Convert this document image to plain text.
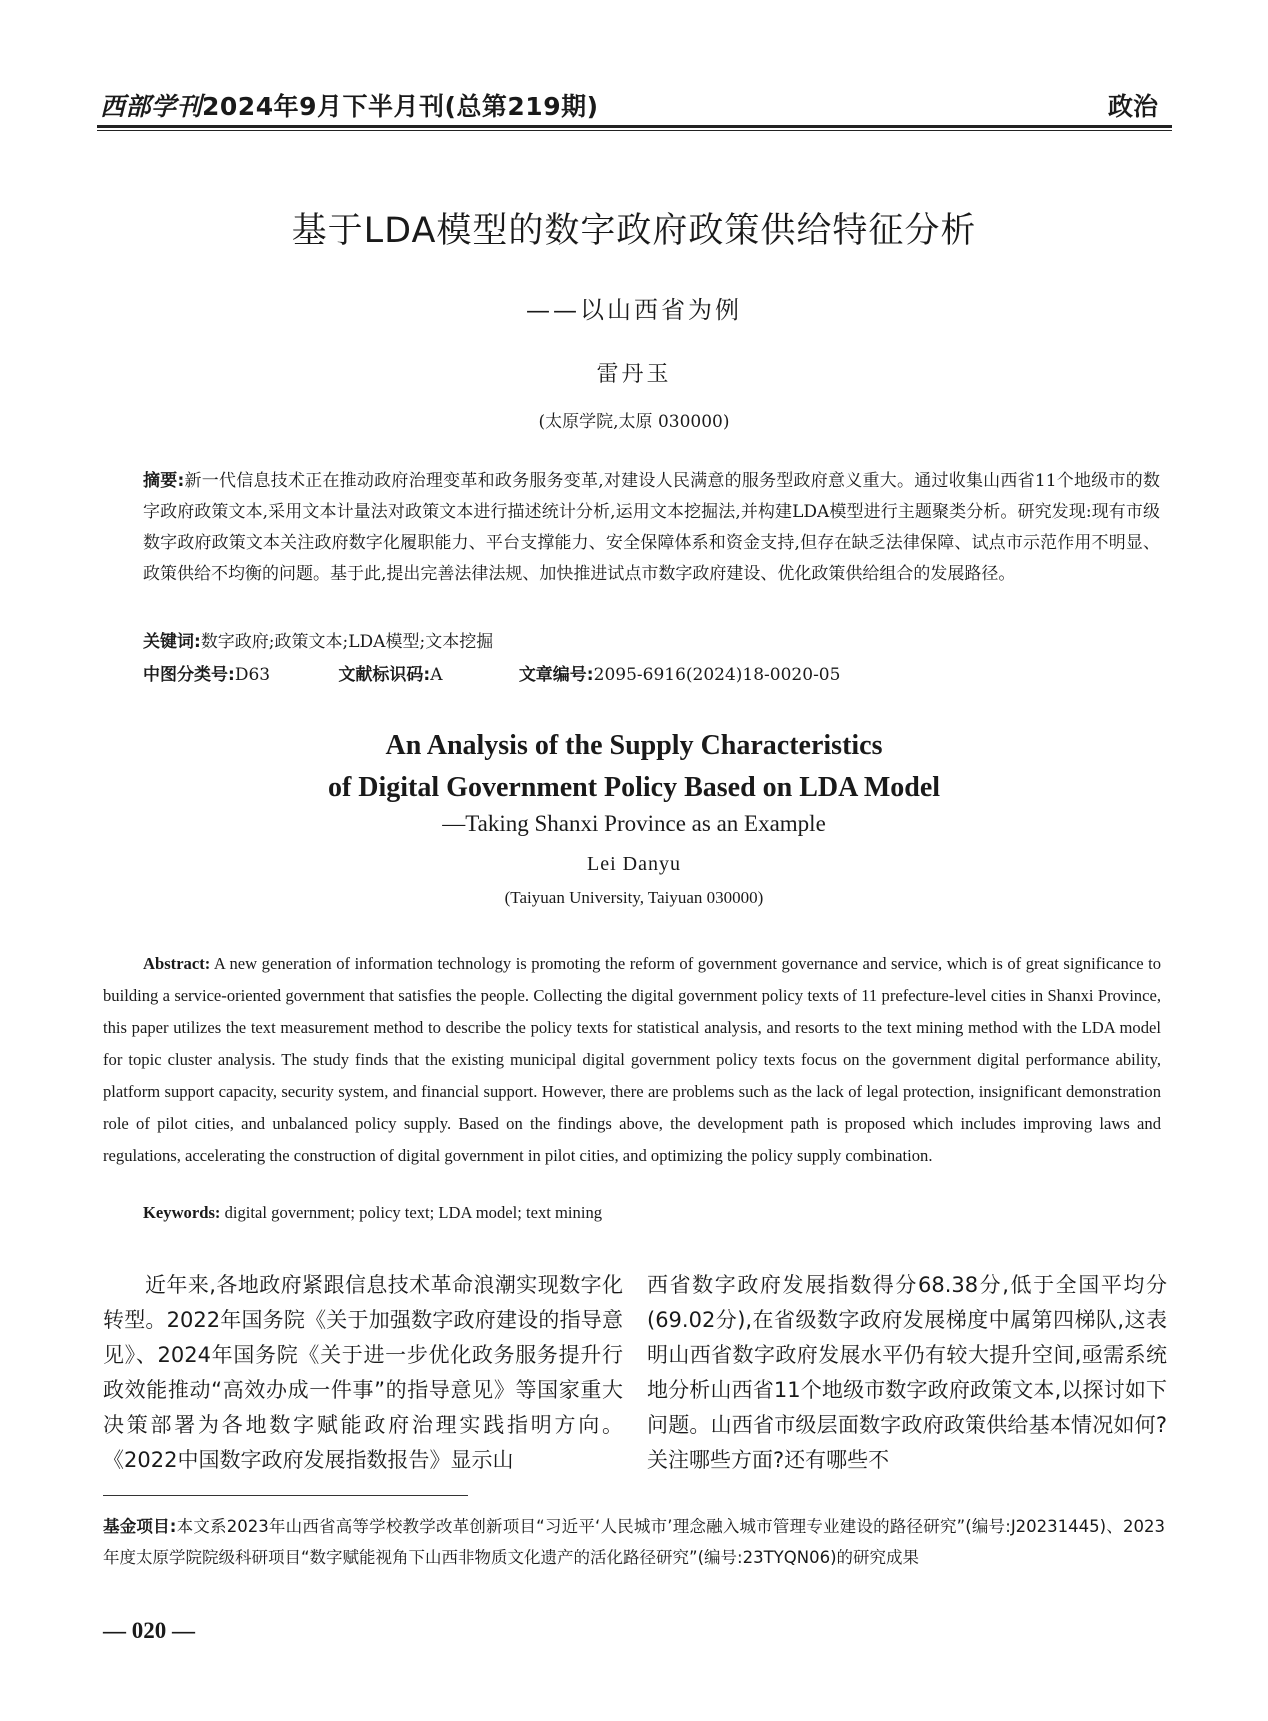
西部学刊2024年9月下半月刊(总第219期)	政治
基于LDA模型的数字政府政策供给特征分析
——以山西省为例
雷丹玉
(太原学院,太原 030000)
摘要:新一代信息技术正在推动政府治理变革和政务服务变革,对建设人民满意的服务型政府意义重大。通过收集山西省11个地级市的数字政府政策文本,采用文本计量法对政策文本进行描述统计分析,运用文本挖掘法,并构建LDA模型进行主题聚类分析。研究发现:现有市级数字政府政策文本关注政府数字化履职能力、平台支撑能力、安全保障体系和资金支持,但存在缺乏法律保障、试点市示范作用不明显、政策供给不均衡的问题。基于此,提出完善法律法规、加快推进试点市数字政府建设、优化政策供给组合的发展路径。
关键词:数字政府;政策文本;LDA模型;文本挖掘
中图分类号:D63	文献标识码:A	文章编号:2095-6916(2024)18-0020-05
An Analysis of the Supply Characteristics
of Digital Government Policy Based on LDA Model
—Taking Shanxi Province as an Example
Lei Danyu
(Taiyuan University, Taiyuan 030000)
Abstract: A new generation of information technology is promoting the reform of government governance and service, which is of great significance to building a service-oriented government that satisfies the people. Collecting the digital government policy texts of 11 prefecture-level cities in Shanxi Province, this paper utilizes the text measurement method to describe the policy texts for statistical analysis, and resorts to the text mining method with the LDA model for topic cluster analysis. The study finds that the existing municipal digital government policy texts focus on the government digital performance ability, platform support capacity, security system, and financial support. However, there are problems such as the lack of legal protection, insignificant demonstration role of pilot cities, and unbalanced policy supply. Based on the findings above, the development path is proposed which includes improving laws and regulations, accelerating the construction of digital government in pilot cities, and optimizing the policy supply combination.
Keywords: digital government; policy text; LDA model; text mining

近年来,各地政府紧跟信息技术革命浪潮实现数字化转型。2022年国务院《关于加强数字政府建设的指导意见》、2024年国务院《关于进一步优化政务服务提升行政效能推动“高效办成一件事”的指导意见》等国家重大决策部署为各地数字赋能政府治理实践指明方向。《2022中国数字政府发展指数报告》显示山

西省数字政府发展指数得分68.38分,低于全国平均分(69.02分),在省级数字政府发展梯度中属第四梯队,这表明山西省数字政府发展水平仍有较大提升空间,亟需系统地分析山西省11个地级市数字政府政策文本,以探讨如下问题。山西省市级层面数字政府政策供给基本情况如何?关注哪些方面?还有哪些不

基金项目:本文系2023年山西省高等学校教学改革创新项目“习近平‘人民城市’理念融入城市管理专业建设的路径研究”(编号:J20231445)、2023年度太原学院院级科研项目“数字赋能视角下山西非物质文化遗产的活化路径研究”(编号:23TYQN06)的研究成果
— 020 —
